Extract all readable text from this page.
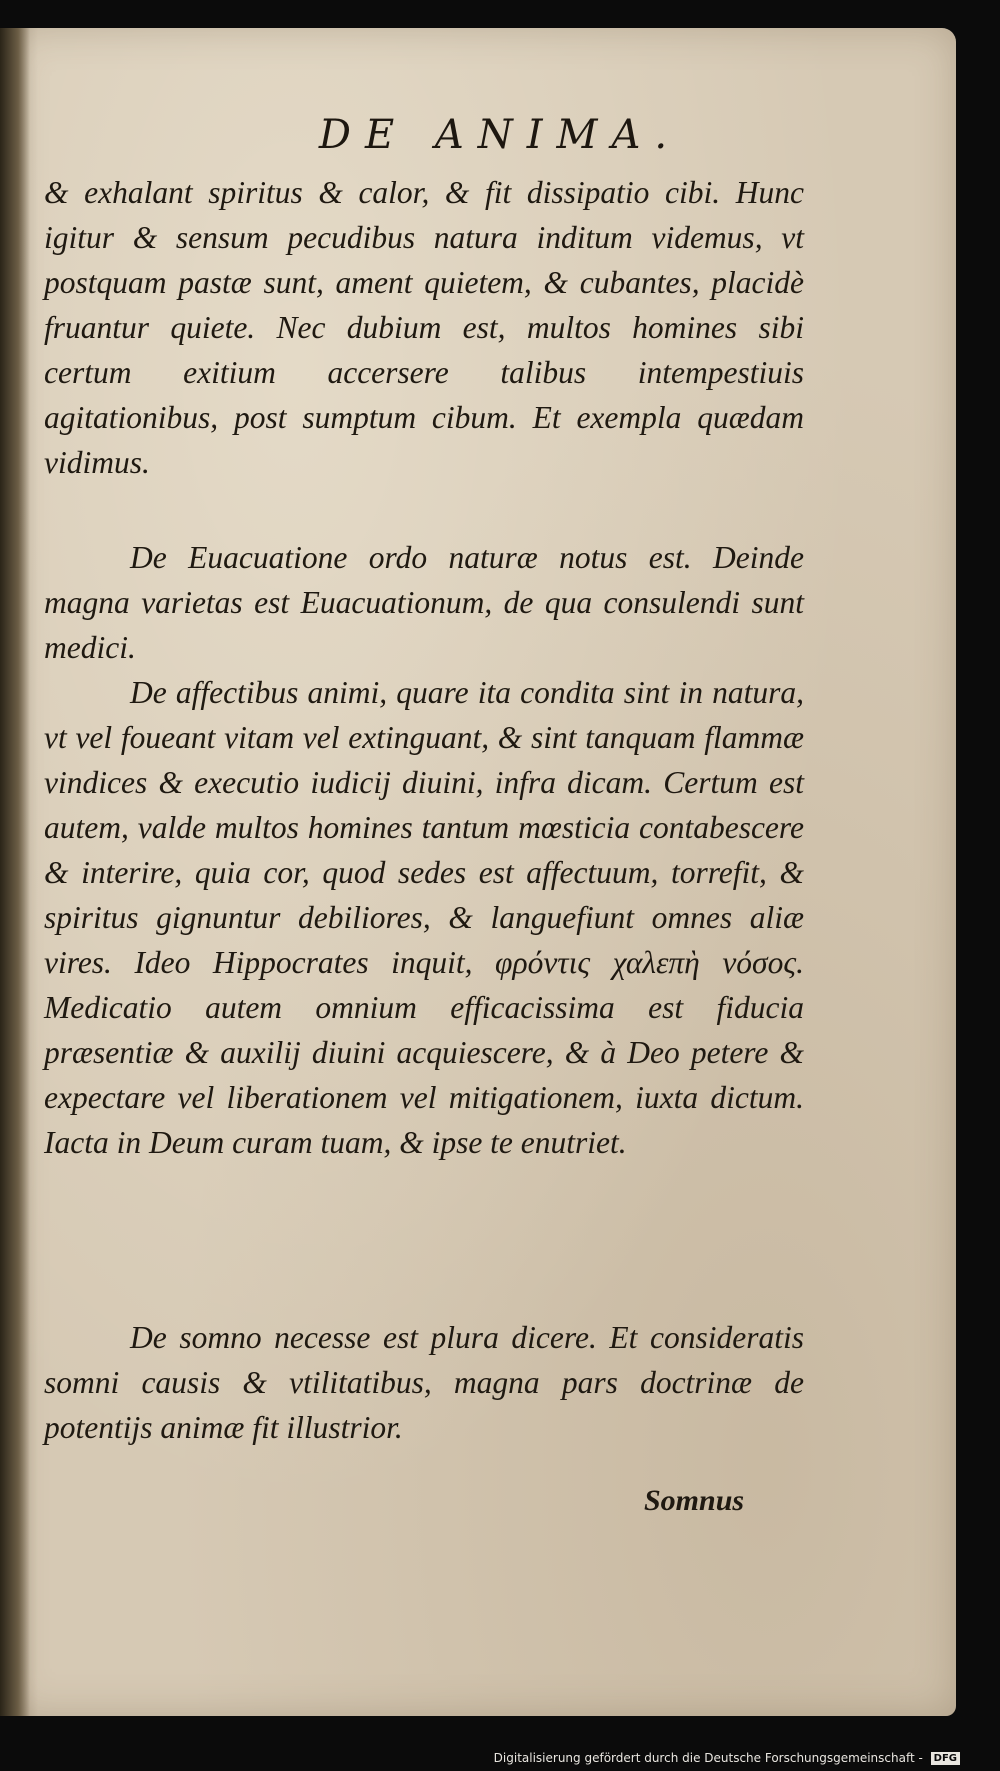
DE ANIMA.

& exhalant spiritus & calor, & fit dissipatio cibi. Hunc igitur & sensum pecudibus natura inditum videmus, vt postquam pastæ sunt, ament quietem, & cubantes, placidè fruantur quiete. Nec dubium est, multos homines sibi certum exitium accersere talibus intempestiuis agitationibus, post sumptum cibum. Et exempla quædam vidimus.

De Euacuatione ordo naturæ notus est. Deinde magna varietas est Euacuationum, de qua consulendi sunt medici.

De affectibus animi, quare ita condita sint in natura, vt vel foueant vitam vel extinguant, & sint tanquam flammæ vindices & executio iudicij diuini, infra dicam. Certum est autem, valde multos homines tantum mœsticia contabescere & interire, quia cor, quod sedes est affectuum, torrefit, & spiritus gignuntur debiliores, & languefiunt omnes aliæ vires. Ideo Hippocrates inquit, φρόντις χαλεπὴ νόσος. Medicatio autem omnium efficacissima est fiducia præsentiæ & auxilij diuini acquiescere, & à Deo petere & expectare vel liberationem vel mitigationem, iuxta dictum. Iacta in Deum curam tuam, & ipse te enutriet.

De somno necesse est plura dicere. Et consideratis somni causis & vtilitatibus, magna pars doctrinæ de potentijs animæ fit illustrior.

Somnus
Digitalisierung gefördert durch die Deutsche Forschungsgemeinschaft - DFG
